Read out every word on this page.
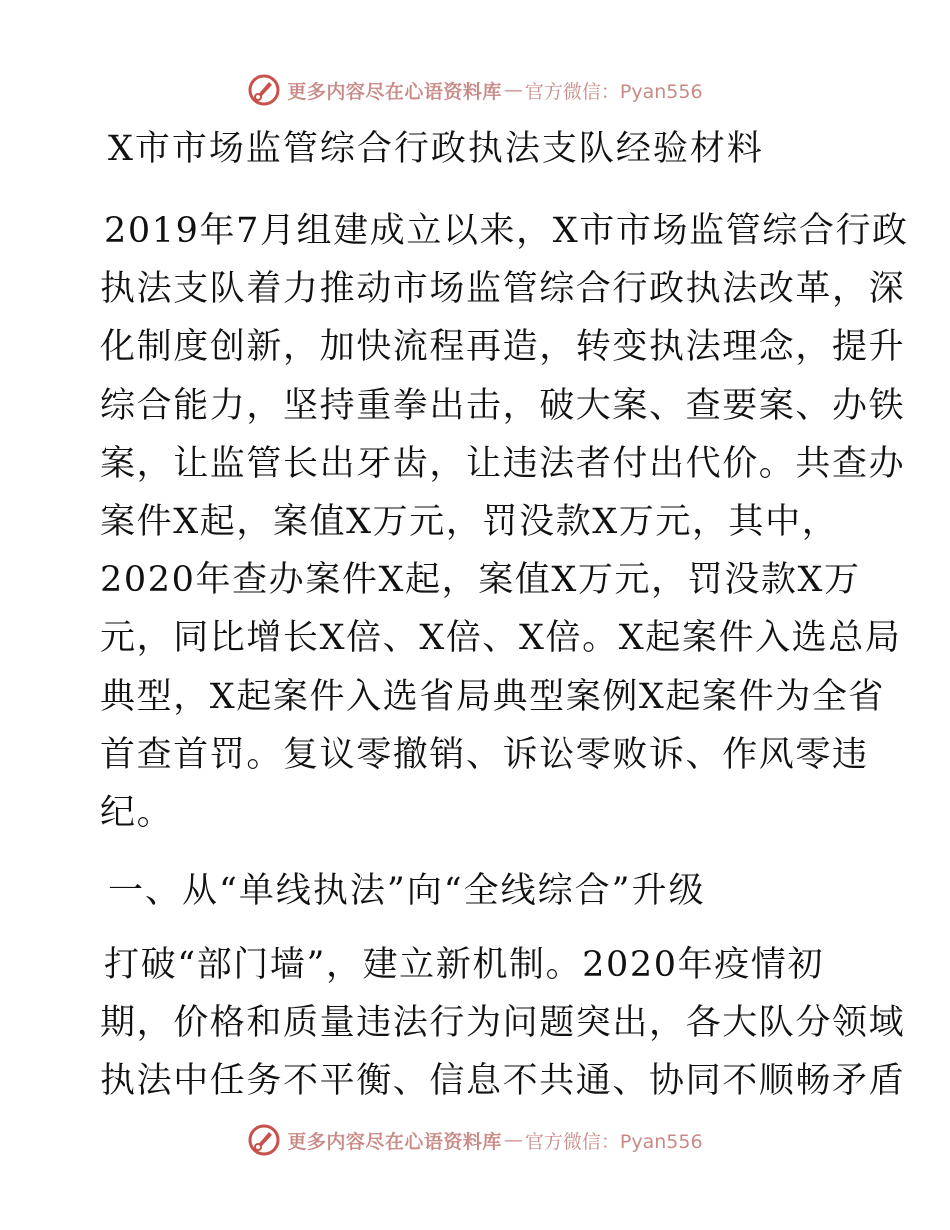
更多内容尽在心语资料库 — 官方微信：Pyan556
X市市场监管综合行政执法支队经验材料
2019年7月组建成立以来，X市市场监管综合行政
执法支队着力推动市场监管综合行政执法改革，深
化制度创新，加快流程再造，转变执法理念，提升
综合能力，坚持重拳出击，破大案、查要案、办铁
案，让监管长出牙齿，让违法者付出代价。共查办
案件X起，案值X万元，罚没款X万元，其中，
2020年查办案件X起，案值X万元，罚没款X万
元，同比增长X倍、X倍、X倍。X起案件入选总局
典型，X起案件入选省局典型案例X起案件为全省
首查首罚。复议零撤销、诉讼零败诉、作风零违
纪。
一、从“单线执法”向“全线综合”升级
打破“部门墙”，建立新机制。2020年疫情初
期，价格和质量违法行为问题突出，各大队分领域
执法中任务不平衡、信息不共通、协同不顺畅矛盾
更多内容尽在心语资料库 — 官方微信：Pyan556
